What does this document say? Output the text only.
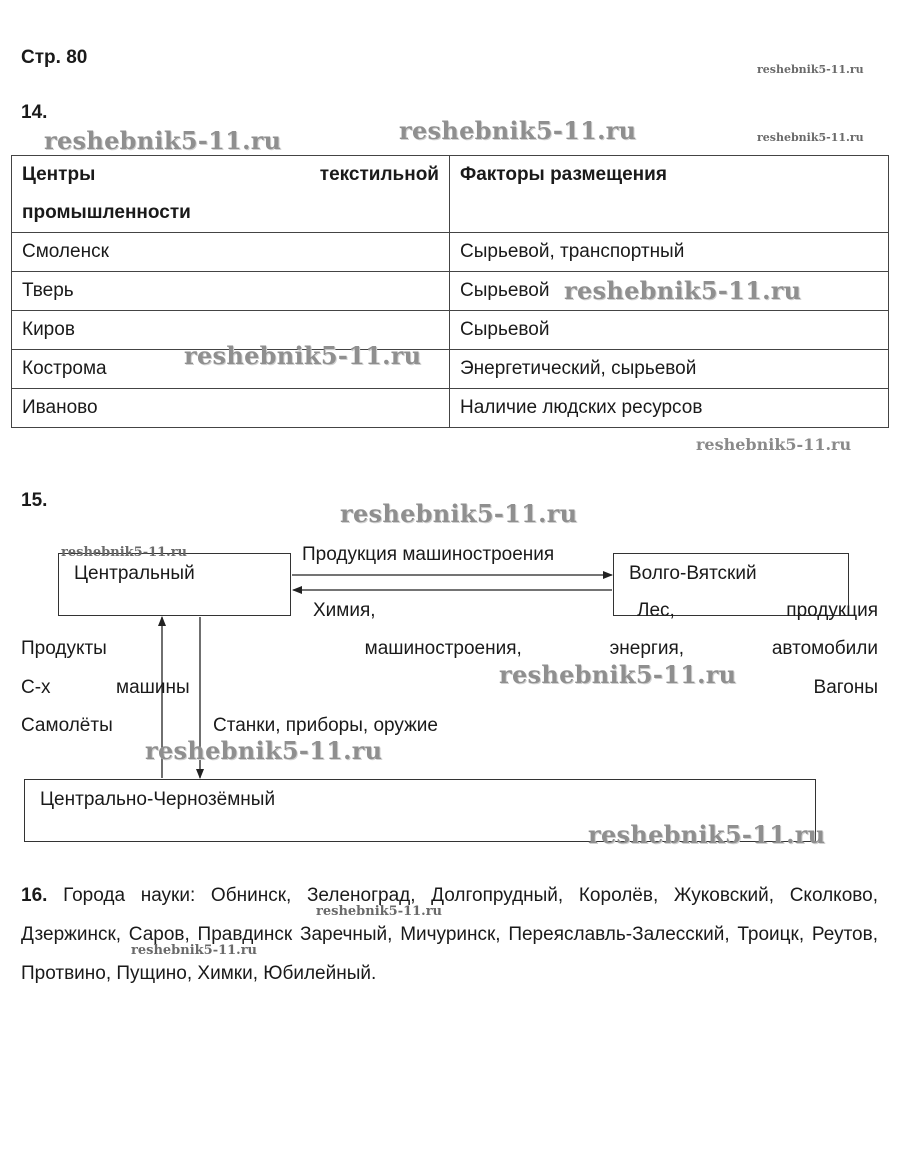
Стр. 80
14.
Центры текстильной
промышленности	Факторы размещения
Смоленск	Сырьевой, транспортный
Тверь	Сырьевой
Киров	Сырьевой
Кострома	Энергетический, сырьевой
Иваново	Наличие людских ресурсов
15.
Центральный	Волго-Вятский
Центрально-Чернозёмный
Продукция машиностроения
Химия,	Лес,	продукция
Продукты	машиностроения,	энергия,	автомобили
С-х	машины	Вагоны
Самолёты	Станки, приборы, оружие
16. Города науки: Обнинск, Зеленоград, Долгопрудный, Королёв, Жуковский, Сколково, Дзержинск, Саров, Правдинск Заречный, Мичуринск, Переяславль-Залесский, Троицк, Реутов, Протвино, Пущино, Химки, Юбилейный.
reshebnik5-11.ru
reshebnik5-11.ru	reshebnik5-11.ru	reshebnik5-11.ru
reshebnik5-11.ru
reshebnik5-11.ru
reshebnik5-11.ru
reshebnik5-11.ru
reshebnik5-11.ru
reshebnik5-11.ru
reshebnik5-11.ru
reshebnik5-11.ru
reshebnik5-11.ru
reshebnik5-11.ru
